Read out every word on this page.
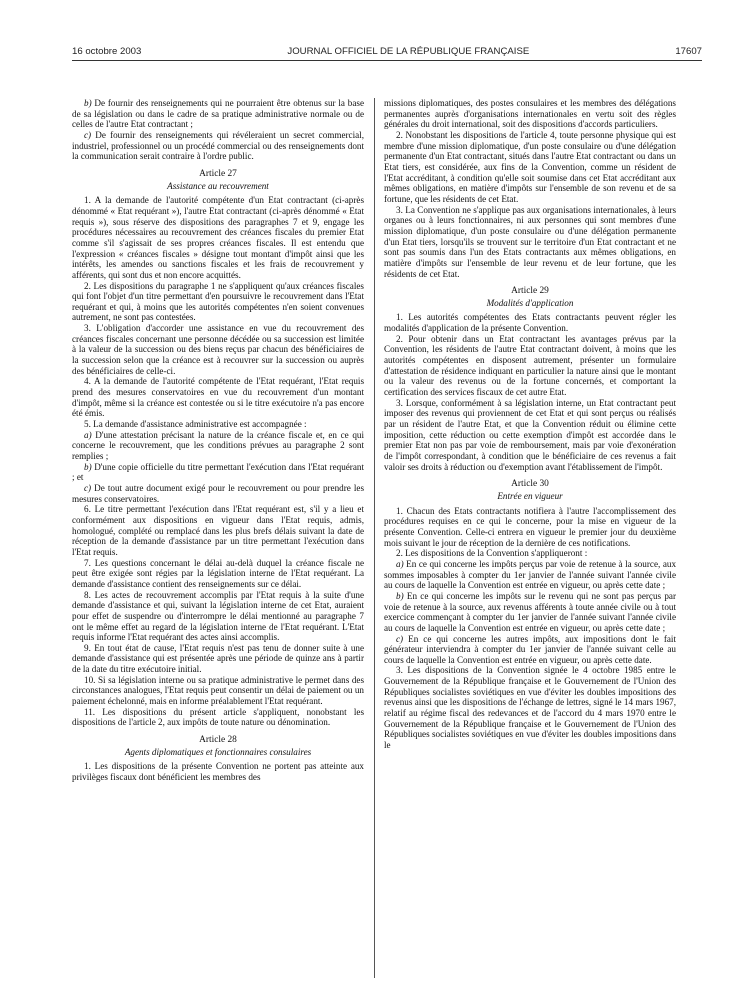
16 octobre 2003	JOURNAL OFFICIEL DE LA RÉPUBLIQUE FRANÇAISE	17607

b) De fournir des renseignements qui ne pourraient être obtenus sur la base de sa législation ou dans le cadre de sa pratique administrative normale ou de celles de l'autre Etat contractant ;

c) De fournir des renseignements qui révéleraient un secret commercial, industriel, professionnel ou un procédé commercial ou des renseignements dont la communication serait contraire à l'ordre public.

Article 27

Assistance au recouvrement

1. A la demande de l'autorité compétente d'un Etat contractant (ci-après dénommé « Etat requérant »), l'autre Etat contractant (ci-après dénommé « Etat requis »), sous réserve des dispositions des paragraphes 7 et 9, engage les procédures nécessaires au recouvrement des créances fiscales du premier Etat comme s'il s'agissait de ses propres créances fiscales. Il est entendu que l'expression « créances fiscales » désigne tout montant d'impôt ainsi que les intérêts, les amendes ou sanctions fiscales et les frais de recouvrement y afférents, qui sont dus et non encore acquittés.

2. Les dispositions du paragraphe 1 ne s'appliquent qu'aux créances fiscales qui font l'objet d'un titre permettant d'en poursuivre le recouvrement dans l'Etat requérant et qui, à moins que les autorités compétentes n'en soient convenues autrement, ne sont pas contestées.

3. L'obligation d'accorder une assistance en vue du recouvrement des créances fiscales concernant une personne décédée ou sa succession est limitée à la valeur de la succession ou des biens reçus par chacun des bénéficiaires de la succession selon que la créance est à recouvrer sur la succession ou auprès des bénéficiaires de celle-ci.

4. A la demande de l'autorité compétente de l'Etat requérant, l'Etat requis prend des mesures conservatoires en vue du recouvrement d'un montant d'impôt, même si la créance est contestée ou si le titre exécutoire n'a pas encore été émis.

5. La demande d'assistance administrative est accompagnée :

a) D'une attestation précisant la nature de la créance fiscale et, en ce qui concerne le recouvrement, que les conditions prévues au paragraphe 2 sont remplies ;

b) D'une copie officielle du titre permettant l'exécution dans l'Etat requérant ; et

c) De tout autre document exigé pour le recouvrement ou pour prendre les mesures conservatoires.

6. Le titre permettant l'exécution dans l'Etat requérant est, s'il y a lieu et conformément aux dispositions en vigueur dans l'Etat requis, admis, homologué, complété ou remplacé dans les plus brefs délais suivant la date de réception de la demande d'assistance par un titre permettant l'exécution dans l'Etat requis.

7. Les questions concernant le délai au-delà duquel la créance fiscale ne peut être exigée sont régies par la législation interne de l'Etat requérant. La demande d'assistance contient des renseignements sur ce délai.

8. Les actes de recouvrement accomplis par l'Etat requis à la suite d'une demande d'assistance et qui, suivant la législation interne de cet Etat, auraient pour effet de suspendre ou d'interrompre le délai mentionné au paragraphe 7 ont le même effet au regard de la législation interne de l'Etat requérant. L'Etat requis informe l'Etat requérant des actes ainsi accomplis.

9. En tout état de cause, l'Etat requis n'est pas tenu de donner suite à une demande d'assistance qui est présentée après une période de quinze ans à partir de la date du titre exécutoire initial.

10. Si sa législation interne ou sa pratique administrative le permet dans des circonstances analogues, l'Etat requis peut consentir un délai de paiement ou un paiement échelonné, mais en informe préalablement l'Etat requérant.

11. Les dispositions du présent article s'appliquent, nonobstant les dispositions de l'article 2, aux impôts de toute nature ou dénomination.

Article 28

Agents diplomatiques et fonctionnaires consulaires

1. Les dispositions de la présente Convention ne portent pas atteinte aux privilèges fiscaux dont bénéficient les membres des

missions diplomatiques, des postes consulaires et les membres des délégations permanentes auprès d'organisations internationales en vertu soit des règles générales du droit international, soit des dispositions d'accords particuliers.

2. Nonobstant les dispositions de l'article 4, toute personne physique qui est membre d'une mission diplomatique, d'un poste consulaire ou d'une délégation permanente d'un Etat contractant, situés dans l'autre Etat contractant ou dans un Etat tiers, est considérée, aux fins de la Convention, comme un résident de l'Etat accréditant, à condition qu'elle soit soumise dans cet Etat accréditant aux mêmes obligations, en matière d'impôts sur l'ensemble de son revenu et de sa fortune, que les résidents de cet Etat.

3. La Convention ne s'applique pas aux organisations internationales, à leurs organes ou à leurs fonctionnaires, ni aux personnes qui sont membres d'une mission diplomatique, d'un poste consulaire ou d'une délégation permanente d'un Etat tiers, lorsqu'ils se trouvent sur le territoire d'un Etat contractant et ne sont pas soumis dans l'un des Etats contractants aux mêmes obligations, en matière d'impôts sur l'ensemble de leur revenu et de leur fortune, que les résidents de cet Etat.

Article 29

Modalités d'application

1. Les autorités compétentes des Etats contractants peuvent régler les modalités d'application de la présente Convention.

2. Pour obtenir dans un Etat contractant les avantages prévus par la Convention, les résidents de l'autre Etat contractant doivent, à moins que les autorités compétentes en disposent autrement, présenter un formulaire d'attestation de résidence indiquant en particulier la nature ainsi que le montant ou la valeur des revenus ou de la fortune concernés, et comportant la certification des services fiscaux de cet autre Etat.

3. Lorsque, conformément à sa législation interne, un Etat contractant peut imposer des revenus qui proviennent de cet Etat et qui sont perçus ou réalisés par un résident de l'autre Etat, et que la Convention réduit ou élimine cette imposition, cette réduction ou cette exemption d'impôt est accordée dans le premier Etat non pas par voie de remboursement, mais par voie d'exonération de l'impôt correspondant, à condition que le bénéficiaire de ces revenus a fait valoir ses droits à réduction ou d'exemption avant l'établissement de l'impôt.

Article 30

Entrée en vigueur

1. Chacun des Etats contractants notifiera à l'autre l'accomplissement des procédures requises en ce qui le concerne, pour la mise en vigueur de la présente Convention. Celle-ci entrera en vigueur le premier jour du deuxième mois suivant le jour de réception de la dernière de ces notifications.

2. Les dispositions de la Convention s'appliqueront :

a) En ce qui concerne les impôts perçus par voie de retenue à la source, aux sommes imposables à compter du 1er janvier de l'année suivant l'année civile au cours de laquelle la Convention est entrée en vigueur, ou après cette date ;

b) En ce qui concerne les impôts sur le revenu qui ne sont pas perçus par voie de retenue à la source, aux revenus afférents à toute année civile ou à tout exercice commençant à compter du 1er janvier de l'année suivant l'année civile au cours de laquelle la Convention est entrée en vigueur, ou après cette date ;

c) En ce qui concerne les autres impôts, aux impositions dont le fait générateur interviendra à compter du 1er janvier de l'année suivant celle au cours de laquelle la Convention est entrée en vigueur, ou après cette date.

3. Les dispositions de la Convention signée le 4 octobre 1985 entre le Gouvernement de la République française et le Gouvernement de l'Union des Républiques socialistes soviétiques en vue d'éviter les doubles impositions des revenus ainsi que les dispositions de l'échange de lettres, signé le 14 mars 1967, relatif au régime fiscal des redevances et de l'accord du 4 mars 1970 entre le Gouvernement de la République française et le Gouvernement de l'Union des Républiques socialistes soviétiques en vue d'éviter les doubles impositions dans le
